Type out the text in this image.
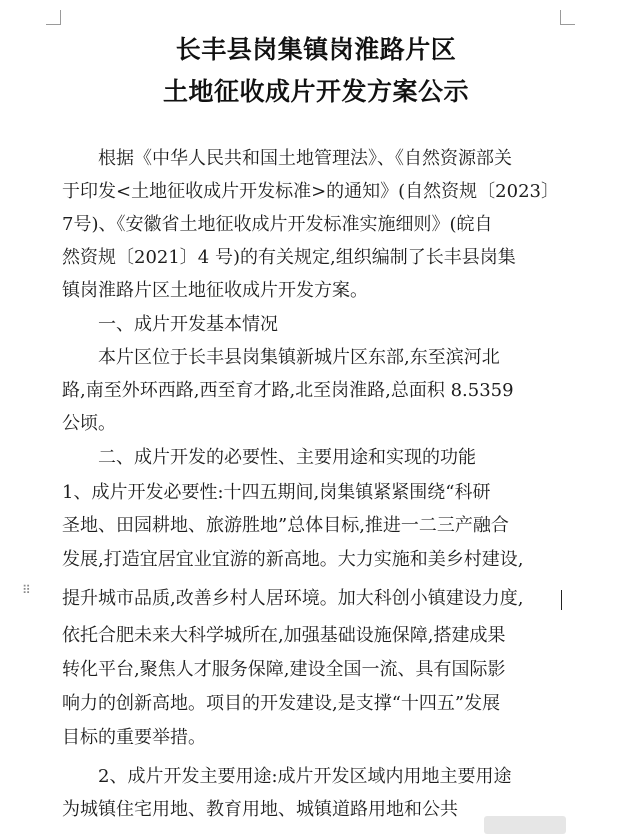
长丰县岗集镇岗淮路片区
土地征收成片开发方案公示
根据《中华人民共和国土地管理法》、《自然资源部关
于印发<土地征收成片开发标准>的通知》(自然资规〔2023〕
7号)、《安徽省土地征收成片开发标准实施细则》(皖自
然资规〔2021〕4 号)的有关规定,组织编制了长丰县岗集
镇岗淮路片区土地征收成片开发方案。
一、成片开发基本情况
本片区位于长丰县岗集镇新城片区东部,东至滨河北
路,南至外环西路,西至育才路,北至岗淮路,总面积 8.5359
公顷。
二、成片开发的必要性、主要用途和实现的功能
1、成片开发必要性:十四五期间,岗集镇紧紧围绕“科研
圣地、田园耕地、旅游胜地”总体目标,推进一二三产融合
发展,打造宜居宜业宜游的新高地。大力实施和美乡村建设,
提升城市品质,改善乡村人居环境。加大科创小镇建设力度,
依托合肥未来大科学城所在,加强基础设施保障,搭建成果
转化平台,聚焦人才服务保障,建设全国一流、具有国际影
响力的创新高地。项目的开发建设,是支撑“十四五”发展
目标的重要举措。
2、成片开发主要用途:成片开发区域内用地主要用途
为城镇住宅用地、教育用地、城镇道路用地和公共
⠿
